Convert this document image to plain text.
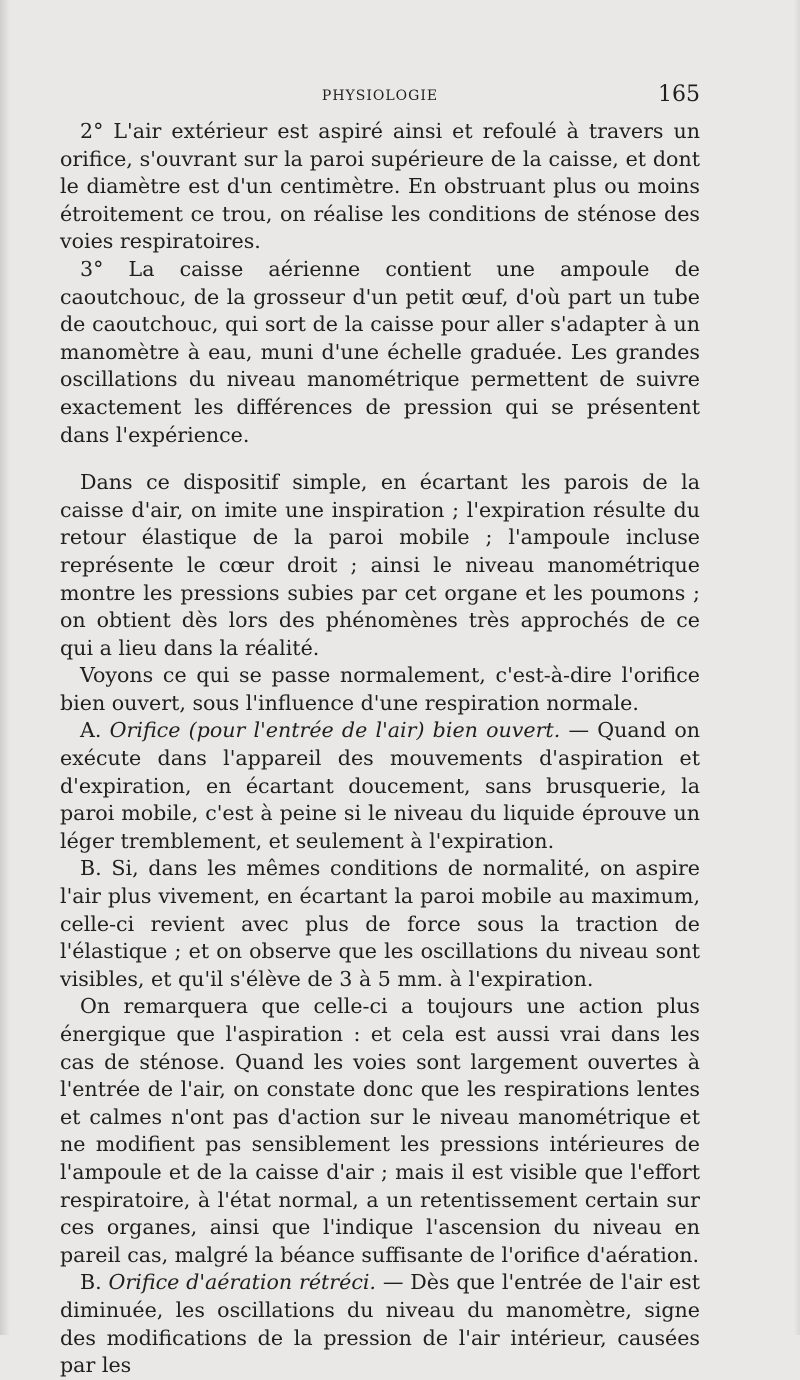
PHYSIOLOGIE	165

2° L'air extérieur est aspiré ainsi et refoulé à travers un orifice, s'ouvrant sur la paroi supérieure de la caisse, et dont le diamètre est d'un centimètre. En obstruant plus ou moins étroitement ce trou, on réalise les conditions de sténose des voies respiratoires.

3° La caisse aérienne contient une ampoule de caoutchouc, de la grosseur d'un petit œuf, d'où part un tube de caoutchouc, qui sort de la caisse pour aller s'adapter à un manomètre à eau, muni d'une échelle graduée. Les grandes oscillations du niveau manométrique permettent de suivre exactement les différences de pression qui se présentent dans l'expérience.

Dans ce dispositif simple, en écartant les parois de la caisse d'air, on imite une inspiration ; l'expiration résulte du retour élastique de la paroi mobile ; l'ampoule incluse représente le cœur droit ; ainsi le niveau manométrique montre les pressions subies par cet organe et les poumons ; on obtient dès lors des phénomènes très approchés de ce qui a lieu dans la réalité.

Voyons ce qui se passe normalement, c'est-à-dire l'orifice bien ouvert, sous l'influence d'une respiration normale.

A. Orifice (pour l'entrée de l'air) bien ouvert. — Quand on exécute dans l'appareil des mouvements d'aspiration et d'expiration, en écartant doucement, sans brusquerie, la paroi mobile, c'est à peine si le niveau du liquide éprouve un léger tremblement, et seulement à l'expiration.

B. Si, dans les mêmes conditions de normalité, on aspire l'air plus vivement, en écartant la paroi mobile au maximum, celle-ci revient avec plus de force sous la traction de l'élastique ; et on observe que les oscillations du niveau sont visibles, et qu'il s'élève de 3 à 5 mm. à l'expiration.

On remarquera que celle-ci a toujours une action plus énergique que l'aspiration : et cela est aussi vrai dans les cas de sténose. Quand les voies sont largement ouvertes à l'entrée de l'air, on constate donc que les respirations lentes et calmes n'ont pas d'action sur le niveau manométrique et ne modifient pas sensiblement les pressions intérieures de l'ampoule et de la caisse d'air ; mais il est visible que l'effort respiratoire, à l'état normal, a un retentissement certain sur ces organes, ainsi que l'indique l'ascension du niveau en pareil cas, malgré la béance suffisante de l'orifice d'aération.

B. Orifice d'aération rétréci. — Dès que l'entrée de l'air est diminuée, les oscillations du niveau du manomètre, signe des modifications de la pression de l'air intérieur, causées par les
